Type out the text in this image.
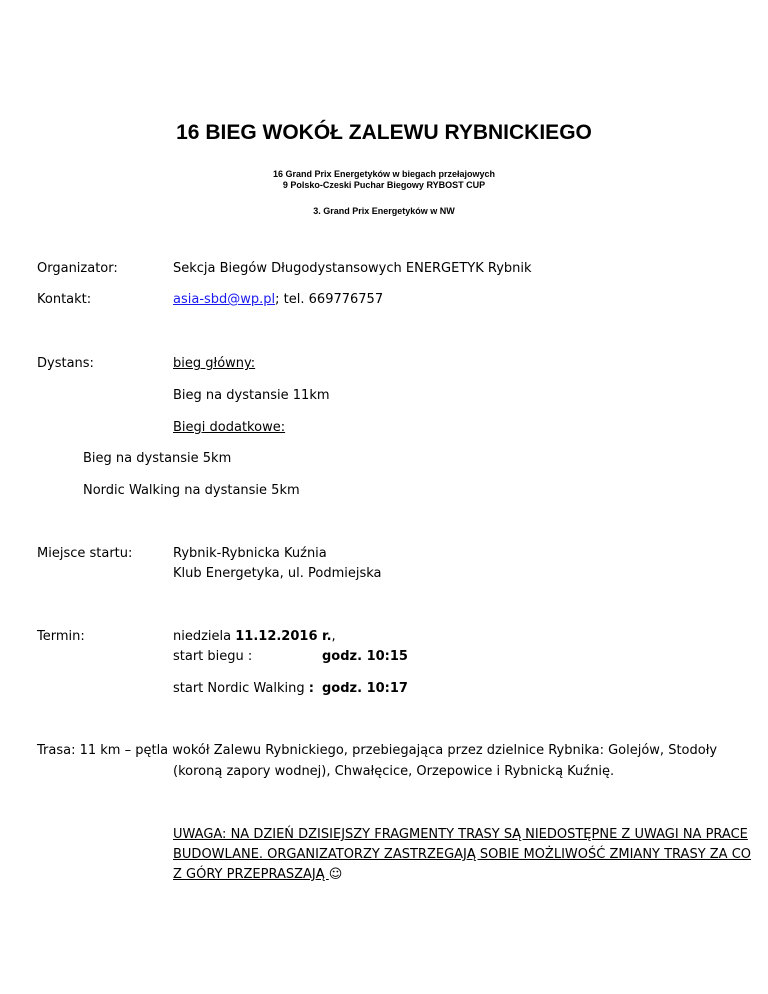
16 BIEG WOKÓŁ ZALEWU RYBNICKIEGO
16 Grand Prix Energetyków w biegach przełajowych
9 Polsko-Czeski Puchar Biegowy RYBOST CUP
3. Grand Prix Energetyków w NW
Organizator:	Sekcja Biegów Długodystansowych ENERGETYK Rybnik
Kontakt:	asia-sbd@wp.pl; tel. 669776757
Dystans:	bieg główny:
Bieg na dystansie 11km
Biegi dodatkowe:
Bieg na dystansie 5km
Nordic Walking na dystansie 5km
Miejsce startu:	Rybnik-Rybnicka Kuźnia
Klub Energetyka, ul. Podmiejska
Termin:	niedziela 11.12.2016 r.,
start biegu :	godz. 10:15
start Nordic Walking : godz. 10:17
Trasa: 11 km – pętla wokół Zalewu Rybnickiego, przebiegająca przez dzielnice Rybnika: Golejów, Stodoły
(koroną zapory wodnej), Chwałęcice, Orzepowice i Rybnicką Kuźnię.
UWAGA: NA DZIEŃ DZISIEJSZY FRAGMENTY TRASY SĄ NIEDOSTĘPNE Z UWAGI NA PRACE
BUDOWLANE. ORGANIZATORZY ZASTRZEGAJĄ SOBIE MOŻLIWOŚĆ ZMIANY TRASY ZA CO
Z GÓRY PRZEPRASZAJĄ ☺
